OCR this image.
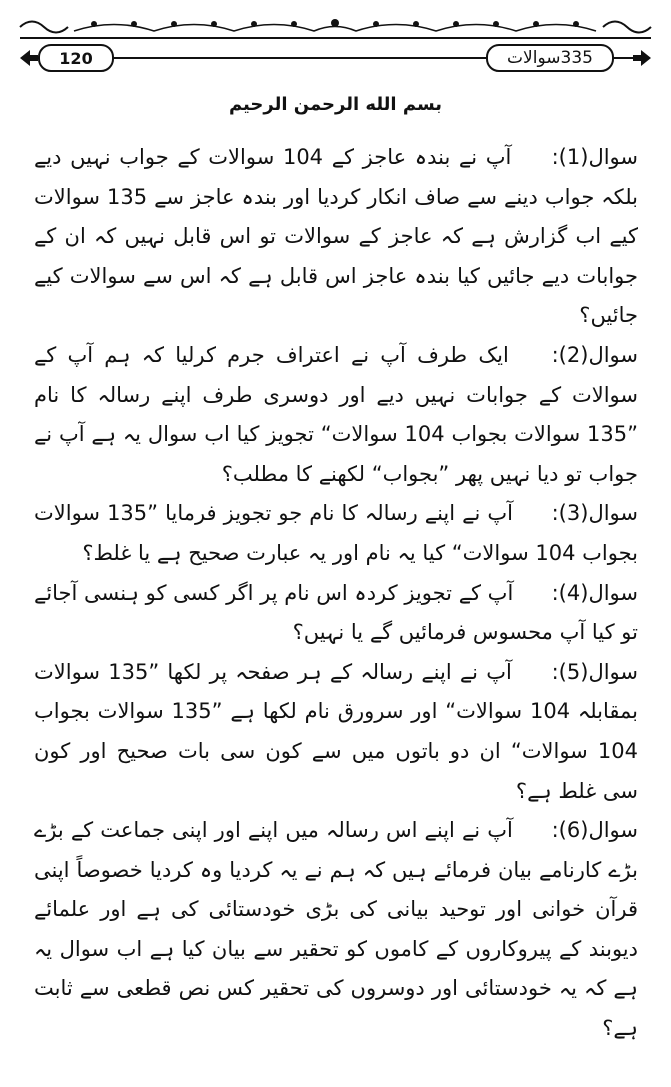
120	335سوالات
بسم الله الرحمن الرحیم

سوال(1): آپ نے بندہ عاجز کے 104 سوالات کے جواب نہیں دیے بلکہ جواب دینے سے صاف انکار کردیا اور بندہ عاجز سے 135 سوالات کیے اب گزارش ہے کہ عاجز کے سوالات تو اس قابل نہیں کہ ان کے جوابات دیے جائیں کیا بندہ عاجز اس قابل ہے کہ اس سے سوالات کیے جائیں؟

سوال(2): ایک طرف آپ نے اعتراف جرم کرلیا کہ ہم آپ کے سوالات کے جوابات نہیں دیے اور دوسری طرف اپنے رسالہ کا نام ”135 سوالات بجواب 104 سوالات“ تجویز کیا اب سوال یہ ہے آپ نے جواب تو دیا نہیں پھر ”بجواب“ لکھنے کا مطلب؟

سوال(3): آپ نے اپنے رسالہ کا نام جو تجویز فرمایا ”135 سوالات بجواب 104 سوالات“ کیا یہ نام اور یہ عبارت صحیح ہے یا غلط؟

سوال(4): آپ کے تجویز کردہ اس نام پر اگر کسی کو ہنسی آجائے تو کیا آپ محسوس فرمائیں گے یا نہیں؟

سوال(5): آپ نے اپنے رسالہ کے ہر صفحہ پر لکھا ”135 سوالات بمقابلہ 104 سوالات“ اور سرورق نام لکھا ہے ”135 سوالات بجواب 104 سوالات“ ان دو باتوں میں سے کون سی بات صحیح اور کون سی غلط ہے؟

سوال(6): آپ نے اپنے اس رسالہ میں اپنے اور اپنی جماعت کے بڑے بڑے کارنامے بیان فرمائے ہیں کہ ہم نے یہ کردیا وہ کردیا خصوصاً اپنی قرآن خوانی اور توحید بیانی کی بڑی خودستائی کی ہے اور علمائے دیوبند کے پیروکاروں کے کاموں کو تحقیر سے بیان کیا ہے اب سوال یہ ہے کہ یہ خودستائی اور دوسروں کی تحقیر کس نص قطعی سے ثابت ہے؟
